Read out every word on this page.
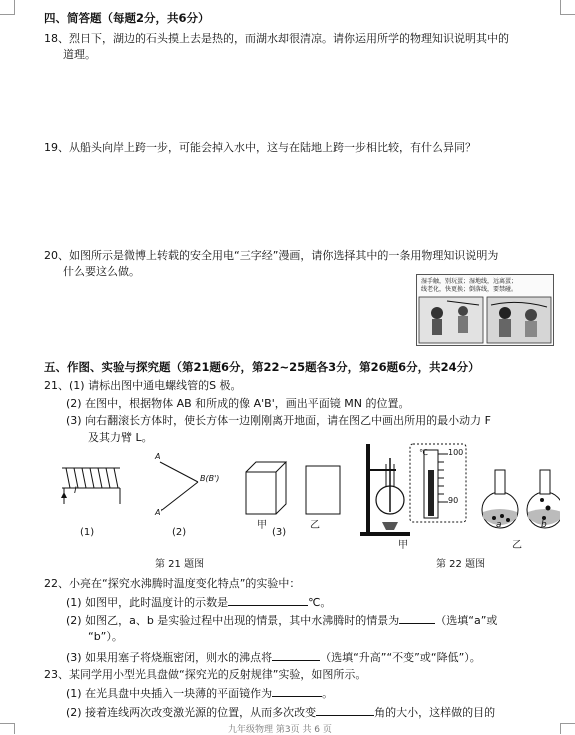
四、简答题（每题2分，共6分）
18、烈日下，湖边的石头摸上去是热的，而湖水却很清凉。请你运用所学的物理知识说明其中的
道理。
19、从船头向岸上跨一步，可能会掉入水中，这与在陆地上跨一步相比较，有什么异同？
20、如图所示是微博上转载的安全用电“三字经”漫画，请你选择其中的一条用物理知识说明为
什么要这么做。
湿手触，别玩蛋；湿地线，远离蛋；
线老化，快更换；倒落线，要禁碰。
五、作图、实验与探究题（第21题6分，第22~25题各3分，第26题6分，共24分）
21、(1) 请标出图中通电螺线管的S 极。
(2) 在图中，根据物体 AB 和所成的像 A'B'，画出平面镜 MN 的位置。
(3) 向右翻滚长方体时，使长方体一边刚刚离开地面，请在图乙中画出所用的最小动力 F
及其力臂 L。
I
A
B(B')
A'
甲	乙
(1)	(2)	(3)
℃	100
90
a	b
甲	乙
第 21 题图	第 22 题图
22、小亮在“探究水沸腾时温度变化特点”的实验中：
(1) 如图甲，此时温度计的示数是	℃。
(2) 如图乙，a、b 是实验过程中出现的情景，其中水沸腾时的情景为	（选填“a”或
“b”）。
(3) 如果用塞子将烧瓶密闭，则水的沸点将	（选填“升高”“不变”或“降低”）。
23、某同学用小型光具盘做“探究光的反射规律”实验，如图所示。
(1) 在光具盘中央插入一块薄的平面镜作为	。
(2) 接着连线两次改变激光源的位置，从而多次改变	角的大小，这样做的目的
九年级物理 第3页 共 6 页
